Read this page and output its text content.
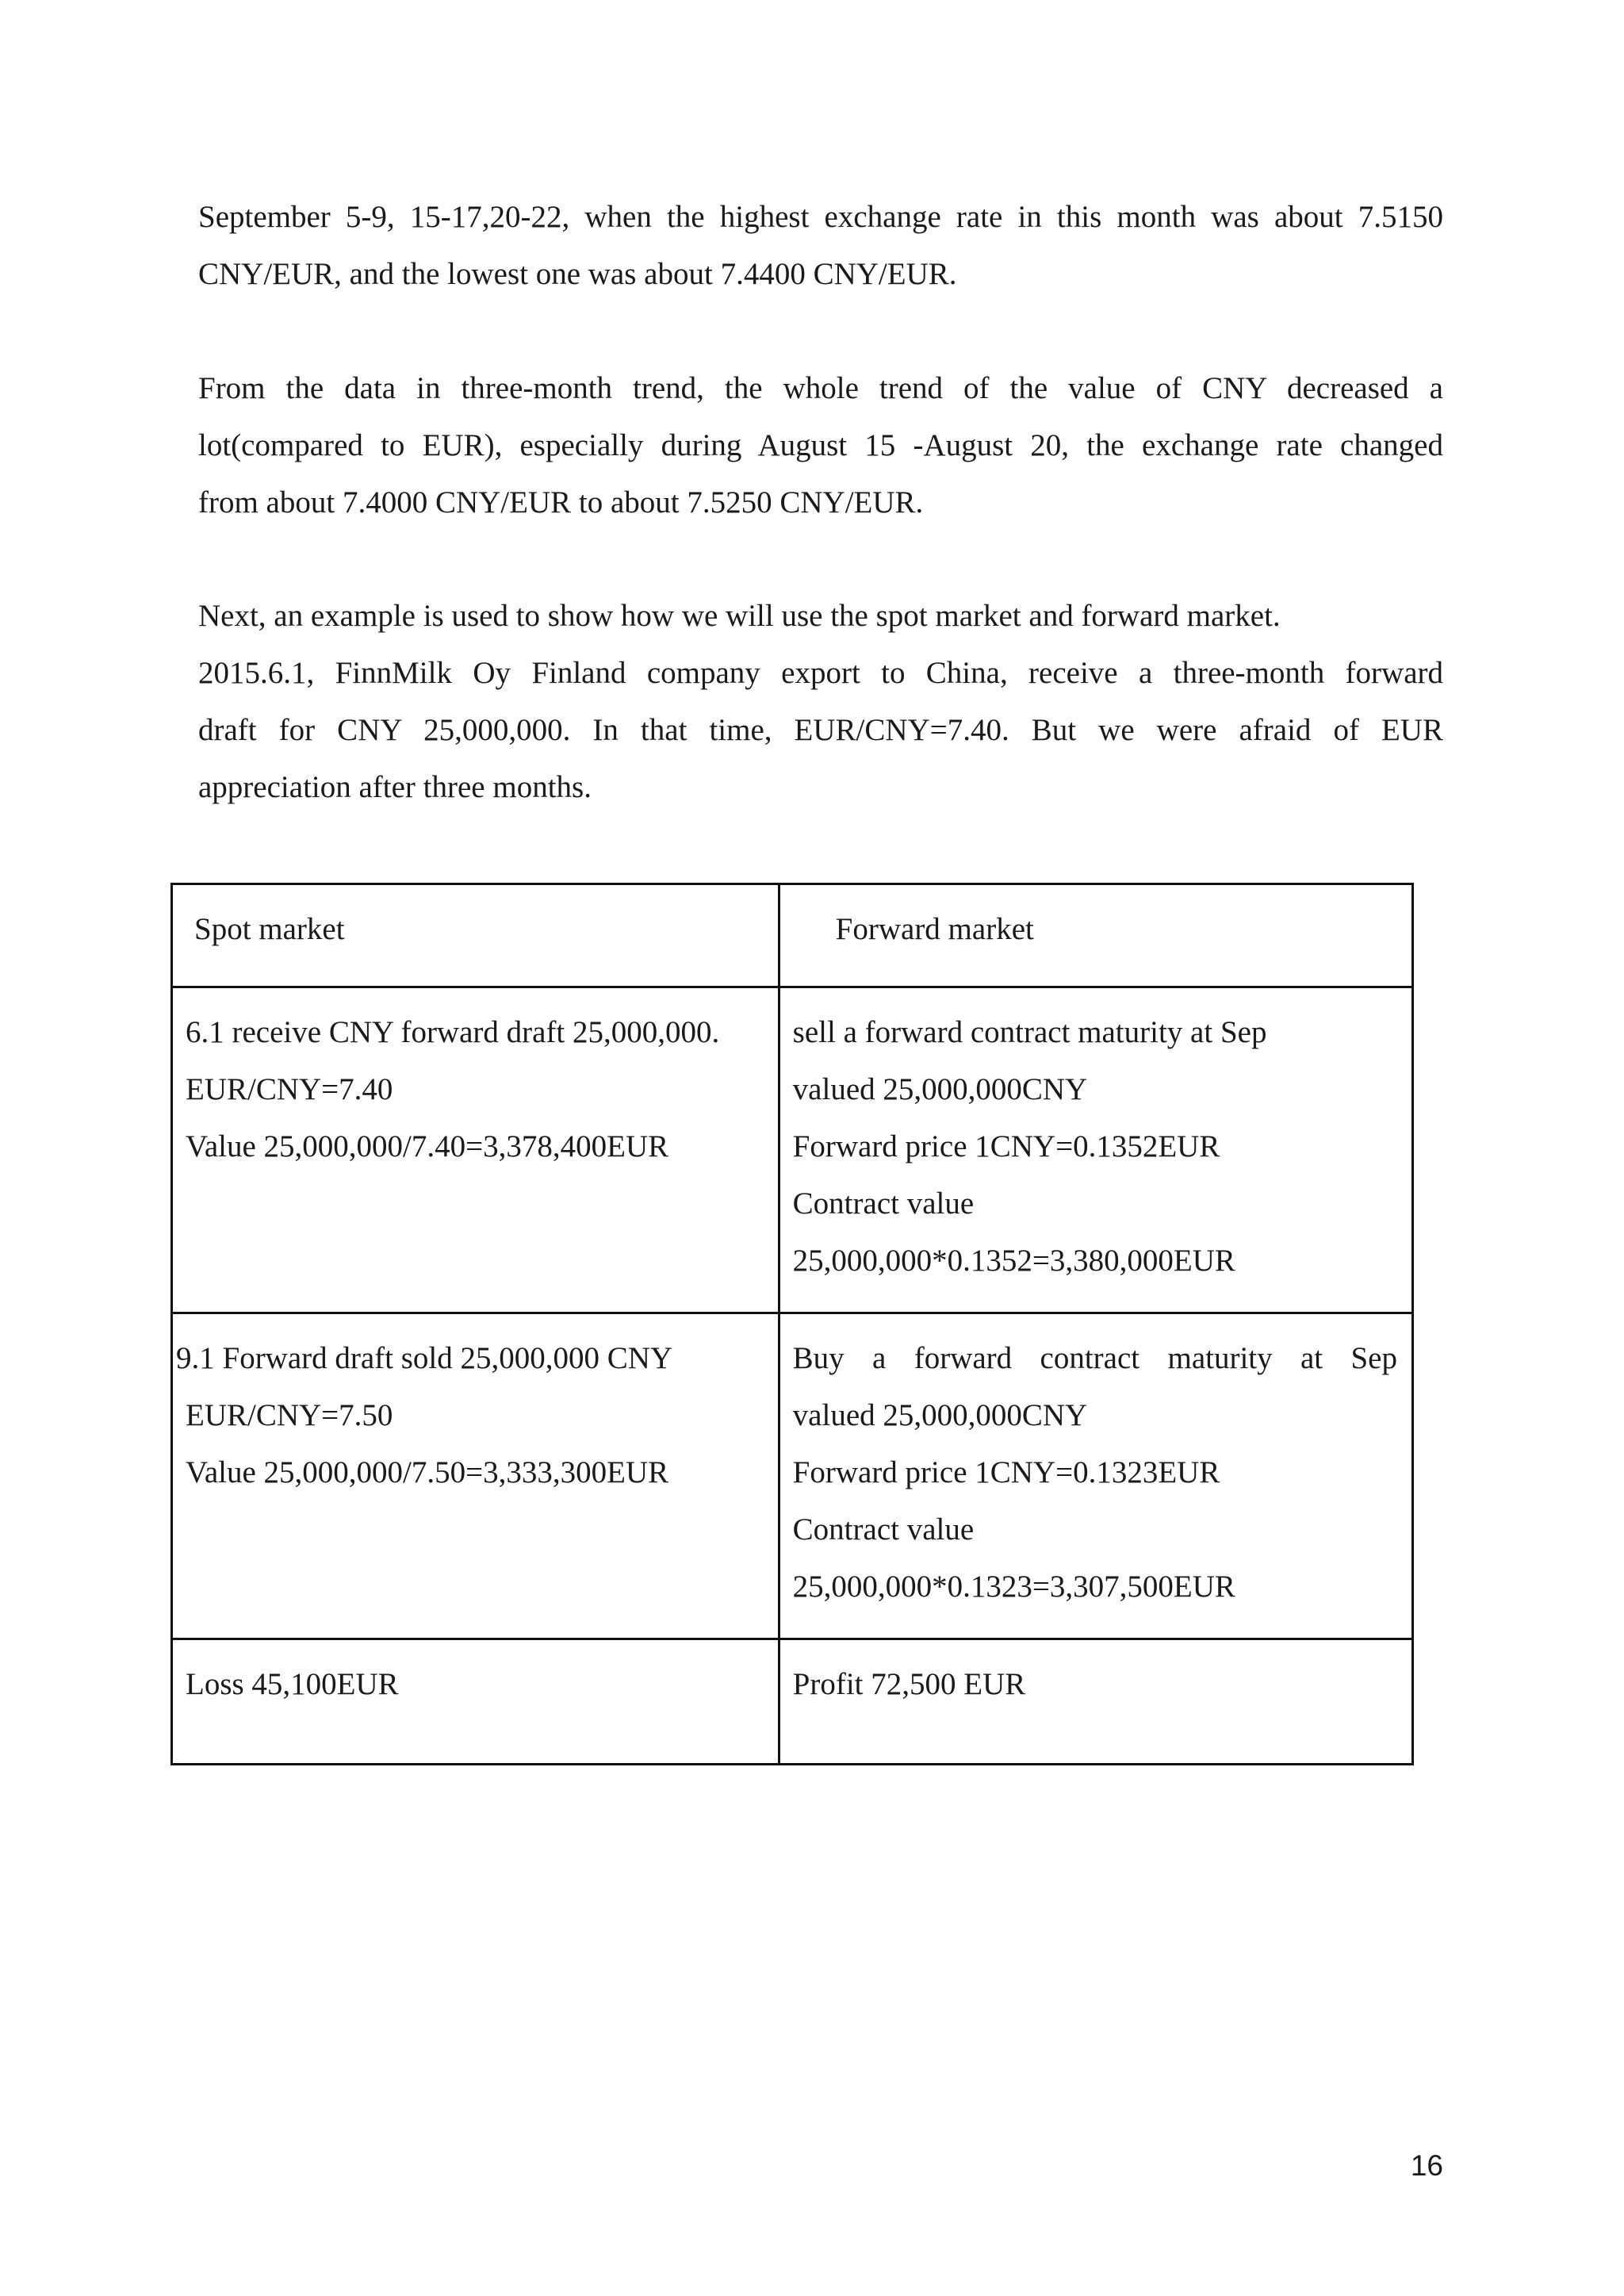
September 5-9, 15-17,20-22, when the highest exchange rate in this month was about 7.5150
CNY/EUR, and the lowest one was about 7.4400 CNY/EUR.

From the data in three-month trend, the whole trend of the value of CNY decreased a
lot(compared to EUR), especially during August 15 -August 20, the exchange rate changed
from about 7.4000 CNY/EUR to about 7.5250 CNY/EUR.

Next, an example is used to show how we will use the spot market and forward market.
2015.6.1, FinnMilk Oy Finland company export to China, receive a three-month forward
draft for CNY 25,000,000. In that time, EUR/CNY=7.40. But we were afraid of EUR
appreciation after three months.

Spot market	Forward market

6.1 receive CNY forward draft 25,000,000.
EUR/CNY=7.40
Value 25,000,000/7.40=3,378,400EUR	sell a forward contract maturity at Sep
valued 25,000,000CNY
Forward price 1CNY=0.1352EUR
Contract value
25,000,000*0.1352=3,380,000EUR

9.1 Forward draft sold 25,000,000 CNY
EUR/CNY=7.50
Value 25,000,000/7.50=3,333,300EUR	Buy a forward contract maturity at Sep
valued 25,000,000CNY
Forward price 1CNY=0.1323EUR
Contract value
25,000,000*0.1323=3,307,500EUR

Loss 45,100EUR	Profit 72,500 EUR
16
